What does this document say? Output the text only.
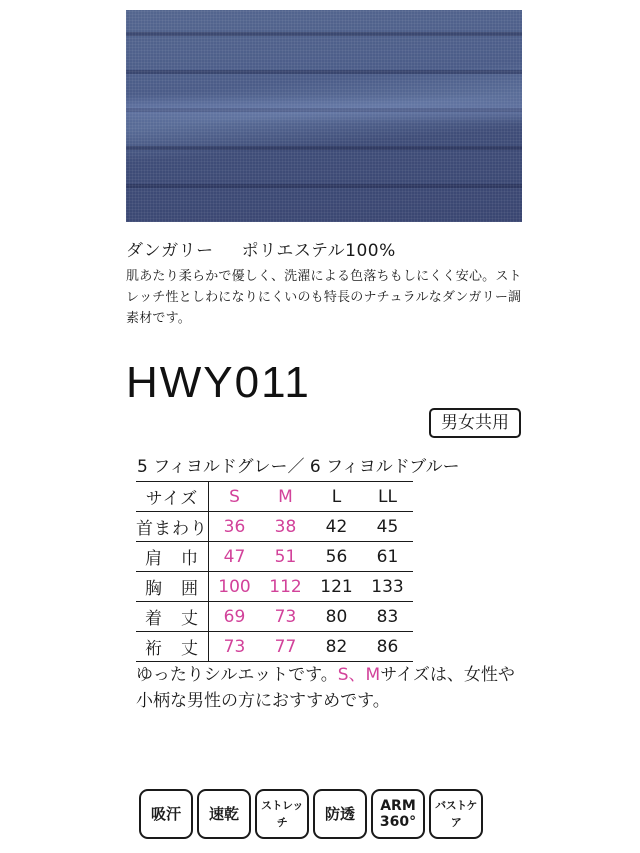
ダンガリー ポリエステル100%
肌あたり柔らかで優しく、洗濯による色落ちもしにくく安心。ストレッチ性としわになりにくいのも特長のナチュラルなダンガリー調素材です。
HWY011
男女共用
5 フィヨルドグレー／ 6 フィヨルドブルー
サイズ	S	M	L	LL
首まわり	36	38	42	45
肩　巾	47	51	56	61
胸　囲	100	112	121	133
着　丈	69	73	80	83
裄　丈	73	77	82	86
ゆったりシルエットです。S、Mサイズは、女性や
小柄な男性の方におすすめです。
吸汗	速乾	ストレッチ	防透	ARM
360°
バストケア
